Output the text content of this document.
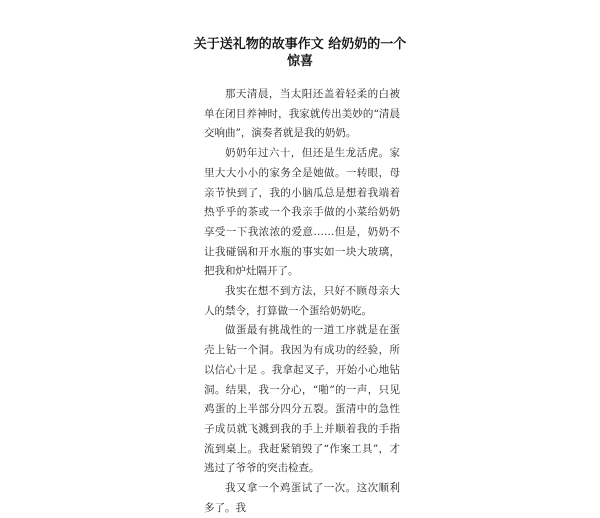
关于送礼物的故事作文 给奶奶的一个惊喜

那天清晨，当太阳还盖着轻柔的白被单在闭目养神时，我家就传出美妙的“清晨交响曲”，演奏者就是我的奶奶。

奶奶年过六十，但还是生龙活虎。家里大大小小的家务全是她做。一转眼，母亲节快到了，我的小脑瓜总是想着我端着热乎乎的茶或一个我亲手做的小菜给奶奶享受一下我浓浓的爱意……但是，奶奶不让我碰锅和开水瓶的事实如一块大玻璃，把我和炉灶隔开了。

我实在想不到方法，只好不顾母亲大人的禁令，打算做一个蛋给奶奶吃。

做蛋最有挑战性的一道工序就是在蛋壳上钻一个洞。我因为有成功的经验，所以信心十足 。我拿起叉子，开始小心地钻洞。结果，我一分心，“啪”的一声，只见鸡蛋的上半部分四分五裂。蛋清中的急性子成员就飞溅到我的手上并顺着我的手指流到桌上。我赶紧销毁了“作案工具”，才逃过了爷爷的突击检查。

我又拿一个鸡蛋试了一次。这次顺利多了。我
